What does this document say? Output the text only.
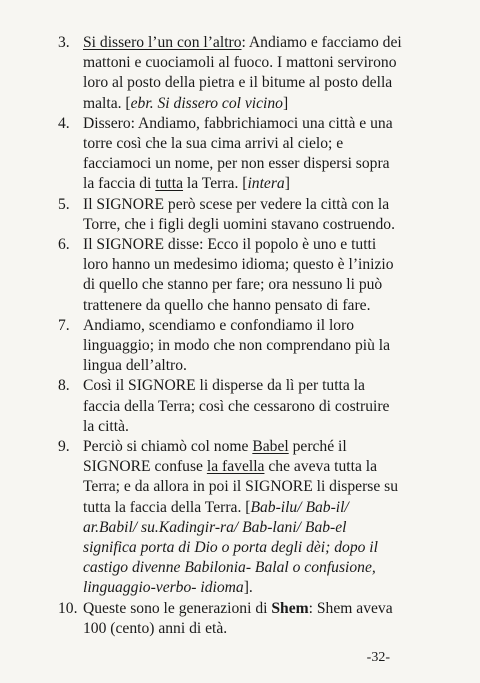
3. Si dissero l’un con l’altro: Andiamo e facciamo dei mattoni e cuociamoli al fuoco. I mattoni servirono loro al posto della pietra e il bitume al posto della malta. [ebr. Si dissero col vicino]

4. Dissero: Andiamo, fabbrichiamoci una città e una torre così che la sua cima arrivi al cielo; e facciamoci un nome, per non esser dispersi sopra la faccia di tutta la Terra. [intera]

5. Il SIGNORE però scese per vedere la città con la Torre, che i figli degli uomini stavano costruendo.

6. Il SIGNORE disse: Ecco il popolo è uno e tutti loro hanno un medesimo idioma; questo è l’inizio di quello che stanno per fare; ora nessuno li può trattenere da quello che hanno pensato di fare.

7. Andiamo, scendiamo e confondiamo il loro linguaggio; in modo che non comprendano più la lingua dell’altro.

8. Così il SIGNORE li disperse da lì per tutta la faccia della Terra; così che cessarono di costruire la città.

9. Perciò si chiamò col nome Babel perché il SIGNORE confuse la favella che aveva tutta la Terra; e da allora in poi il SIGNORE li disperse su tutta la faccia della Terra. [Bab-ilu/ Bab-il/ ar.Babil/ su.Kadingir-ra/ Bab-lani/ Bab-el significa porta di Dio o porta degli dèi; dopo il castigo divenne Babilonia- Balal o confusione, linguaggio-verbo- idioma].

10. Queste sono le generazioni di Shem: Shem aveva 100 (cento) anni di età.

-32-
